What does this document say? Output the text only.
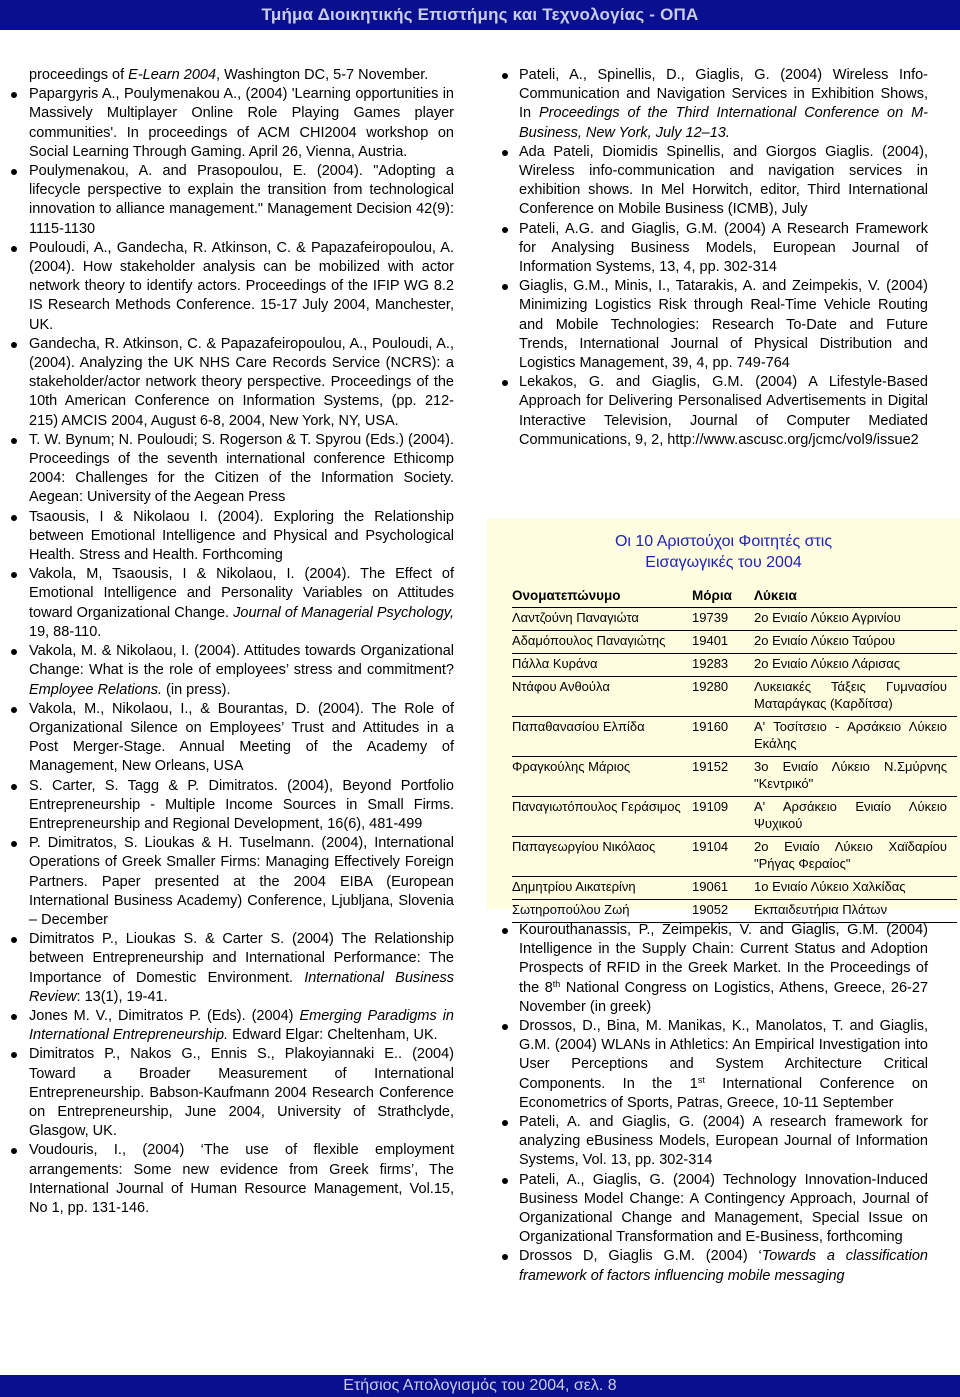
Τμήμα Διοικητικής Επιστήμης και Τεχνολογίας - ΟΠΑ
proceedings of E-Learn 2004, Washington DC, 5-7 November.
Papargyris A., Poulymenakou A., (2004) 'Learning opportunities in Massively Multiplayer Online Role Playing Games player communities'. In proceedings of ACM CHI2004 workshop on Social Learning Through Gaming. April 26, Vienna, Austria.
Poulymenakou, A. and Prasopoulou, E. (2004). "Adopting a lifecycle perspective to explain the transition from technological innovation to alliance management." Management Decision 42(9): 1115-1130
Pouloudi, A., Gandecha, R. Atkinson, C. & Papazafeiropoulou, A. (2004). How stakeholder analysis can be mobilized with actor network theory to identify actors. Proceedings of the IFIP WG 8.2 IS Research Methods Conference. 15-17 July 2004, Manchester, UK.
Gandecha, R. Atkinson, C. & Papazafeiropoulou, A., Pouloudi, A., (2004). Analyzing the UK NHS Care Records Service (NCRS): a stakeholder/actor network theory perspective. Proceedings of the 10th American Conference on Information Systems, (pp. 212- 215) AMCIS 2004, August 6-8, 2004, New York, NY, USA.
T. W. Bynum; N. Pouloudi; S. Rogerson & T. Spyrou (Eds.) (2004). Proceedings of the seventh international conference Ethicomp 2004: Challenges for the Citizen of the Information Society. Aegean: University of the Aegean Press
Tsaousis, I & Nikolaou I. (2004). Exploring the Relationship between Emotional Intelligence and Physical and Psychological Health. Stress and Health. Forthcoming
Vakola, M, Tsaousis, I & Nikolaou, I. (2004). The Effect of Emotional Intelligence and Personality Variables on Attitudes toward Organizational Change. Journal of Managerial Psychology, 19, 88-110.
Vakola, M. & Nikolaou, I. (2004). Attitudes towards Organizational Change: What is the role of employees’ stress and commitment? Employee Relations. (in press).
Vakola, M., Nikolaou, I., & Bourantas, D. (2004). The Role of Organizational Silence on Employees’ Trust and Attitudes in a Post Merger-Stage. Annual Meeting of the Academy of Management, New Orleans, USA
S. Carter, S. Tagg & P. Dimitratos. (2004), Beyond Portfolio Entrepreneurship - Multiple Income Sources in Small Firms. Entrepreneurship and Regional Development, 16(6), 481-499
P. Dimitratos, S. Lioukas & H. Tuselmann. (2004), International Operations of Greek Smaller Firms: Managing Effectively Foreign Partners. Paper presented at the 2004 EIBA (European International Business Academy) Conference, Ljubljana, Slovenia – December
Dimitratos P., Lioukas S. & Carter S. (2004) The Relationship between Entrepreneurship and International Performance: The Importance of Domestic Environment. International Business Review: 13(1), 19-41.
Jones M. V., Dimitratos P. (Eds). (2004) Emerging Paradigms in International Entrepreneurship. Edward Elgar: Cheltenham, UK.
Dimitratos P., Nakos G., Ennis S., Plakoyiannaki E.. (2004) Toward a Broader Measurement of International Entrepreneurship. Babson-Kaufmann 2004 Research Conference on Entrepreneurship, June 2004, University of Strathclyde, Glasgow, UK.
Voudouris, I., (2004) ‘The use of flexible employment arrangements: Some new evidence from Greek firms’, The International Journal of Human Resource Management, Vol.15, No 1, pp. 131-146.
Pateli, A., Spinellis, D., Giaglis, G. (2004) Wireless Info-Communication and Navigation Services in Exhibition Shows, In Proceedings of the Third International Conference on M-Business, New York, July 12–13.
Ada Pateli, Diomidis Spinellis, and Giorgos Giaglis. (2004), Wireless info-communication and navigation services in exhibition shows. In Mel Horwitch, editor, Third International Conference on Mobile Business (ICMB), July
Pateli, A.G. and Giaglis, G.M. (2004) A Research Framework for Analysing Business Models, European Journal of Information Systems, 13, 4, pp. 302-314
Giaglis, G.M., Minis, I., Tatarakis, A. and Zeimpekis, V. (2004) Minimizing Logistics Risk through Real-Time Vehicle Routing and Mobile Technologies: Research To-Date and Future Trends, International Journal of Physical Distribution and Logistics Management, 39, 4, pp. 749-764
Lekakos, G. and Giaglis, G.M. (2004) A Lifestyle-Based Approach for Delivering Personalised Advertisements in Digital Interactive Television, Journal of Computer Mediated Communications, 9, 2, http://www.ascusc.org/jcmc/vol9/issue2
Οι 10 Αριστούχοι Φοιτητές στις
Εισαγωγικές του 2004
Ονοματεπώνυμο	Μόρια	Λύκεια
Λαντζούνη Παναγιώτα	19739	2ο Ενιαίο Λύκειο Αγρινίου
Αδαμόπουλος Παναγιώτης	19401	2ο Ενιαίο Λύκειο Ταύρου
Πάλλα Κυράνα	19283	2ο Ενιαίο Λύκειο Λάρισας
Ντάφου Ανθούλα	19280	Λυκειακές Τάξεις Γυμνασίου Ματαράγκας (Καρδίτσα)
Παπαθανασίου Ελπίδα	19160	Α' Τοσίτσειο - Αρσάκειο Λύκειο Εκάλης
Φραγκούλης Μάριος	19152	3ο Ενιαίο Λύκειο Ν.Σμύρνης "Κεντρικό"
Παναγιωτόπουλος Γεράσιμος 19109	Α' Αρσάκειο Ενιαίο Λύκειο Ψυχικού
Παπαγεωργίου Νικόλαος	19104	2ο Ενιαίο Λύκειο Χαϊδαρίου "Ρήγας Φεραίος"
Δημητρίου Αικατερίνη	19061	1ο Ενιαίο Λύκειο Χαλκίδας
Σωτηροπούλου Ζωή	19052	Εκπαιδευτήρια Πλάτων
Kourouthanassis, P., Zeimpekis, V. and Giaglis, G.M. (2004) Intelligence in the Supply Chain: Current Status and Adoption Prospects of RFID in the Greek Market. In the Proceedings of the 8th National Congress on Logistics, Athens, Greece, 26-27 November (in greek)
Drossos, D., Bina, M. Manikas, K., Manolatos, T. and Giaglis, G.M. (2004) WLANs in Athletics: An Empirical Investigation into User Perceptions and System Architecture Critical Components. In the 1st International Conference on Econometrics of Sports, Patras, Greece, 10-11 September
Pateli, A. and Giaglis, G. (2004) A research framework for analyzing eBusiness Models, European Journal of Information Systems, Vol. 13, pp. 302-314
Pateli, A., Giaglis, G. (2004) Technology Innovation-Induced Business Model Change: A Contingency Approach, Journal of Organizational Change and Management, Special Issue on Organizational Transformation and E-Business, forthcoming
Drossos D, Giaglis G.M. (2004) ‘Towards a classification framework of factors influencing mobile messaging
Ετήσιος Απολογισμός του 2004, σελ. 8
